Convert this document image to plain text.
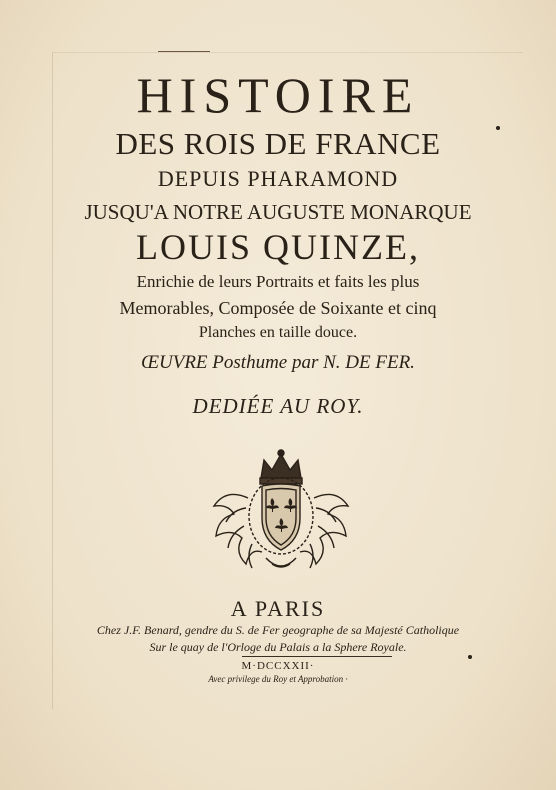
HISTOIRE
DES ROIS DE FRANCE
DEPUIS PHARAMOND
JUSQU'A NOTRE AUGUSTE MONARQUE
LOUIS QUINZE,
Enrichie de leurs Portraits et faits les plus
Memorables, Composée de Soixante et cinq
Planches en taille douce.
ŒUVRE Posthume par N. DE FER.
DEDIÉE AU ROY.
A PARIS
Chez J.F. Benard, gendre du S. de Fer geographe de sa Majesté Catholique
Sur le quay de l'Orloge du Palais a la Sphere Royale.
M·DCCXXII·
Avec privilege du Roy et Approbation ·
